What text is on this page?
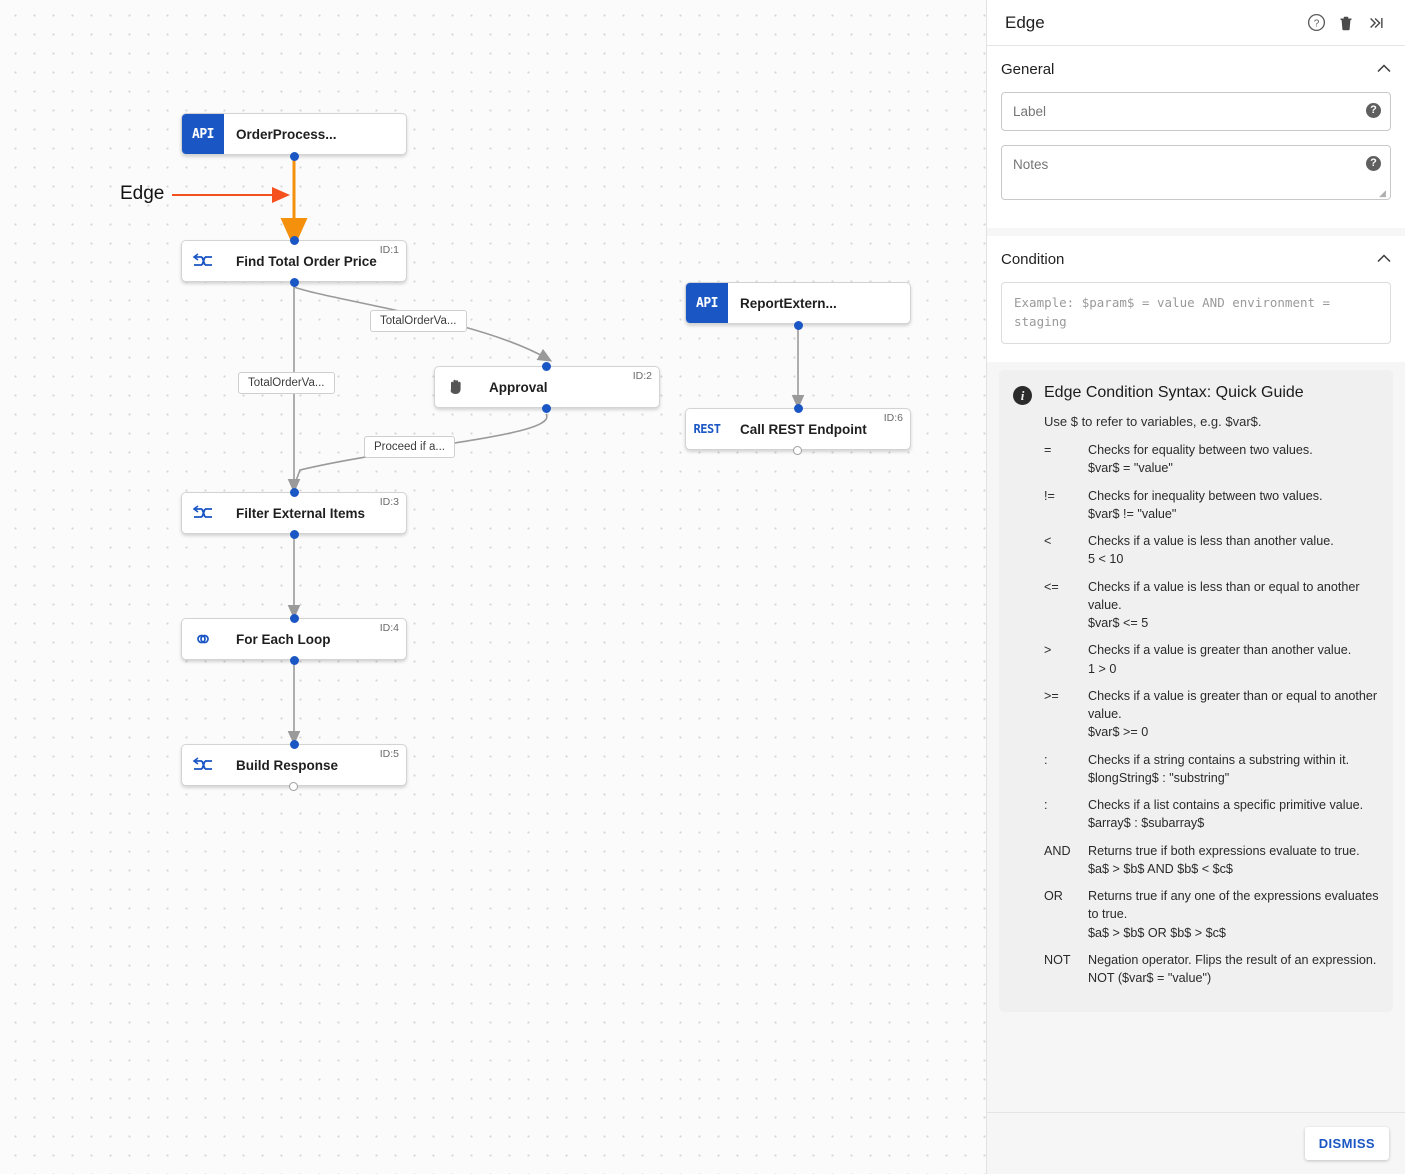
Edge
API	OrderProcess...
Find Total Order Price
ID:1
Approval
ID:2
Filter External Items
ID:3
For Each Loop
ID:4
Build Response
ID:5
API	ReportExtern...
REST	Call REST Endpoint
ID:6
TotalOrderVa...
TotalOrderVa...
Proceed if a...
Edge	?
General
Label
?
Notes
?
◢
Condition
Example: $param$ = value AND environment = staging
i	Edge Condition Syntax: Quick Guide
Use $ to refer to variables, e.g. $var$.
=	Checks for equality between two values.
$var$ = "value"

!=	Checks for inequality between two values.
$var$ != "value"

<	Checks if a value is less than another value.
5 < 10

<=	Checks if a value is less than or equal to another value.
$var$ <= 5

>	Checks if a value is greater than another value.
1 > 0

>=	Checks if a value is greater than or equal to another value.
$var$ >= 0

:	Checks if a string contains a substring within it.
$longString$ : "substring"

:	Checks if a list contains a specific primitive value.
$array$ : $subarray$

AND	Returns true if both expressions evaluate to true.
$a$ > $b$ AND $b$ < $c$

OR	Returns true if any one of the expressions evaluates to true.
$a$ > $b$ OR $b$ > $c$

NOT	Negation operator. Flips the result of an expression.
NOT ($var$ = "value")
DISMISS
